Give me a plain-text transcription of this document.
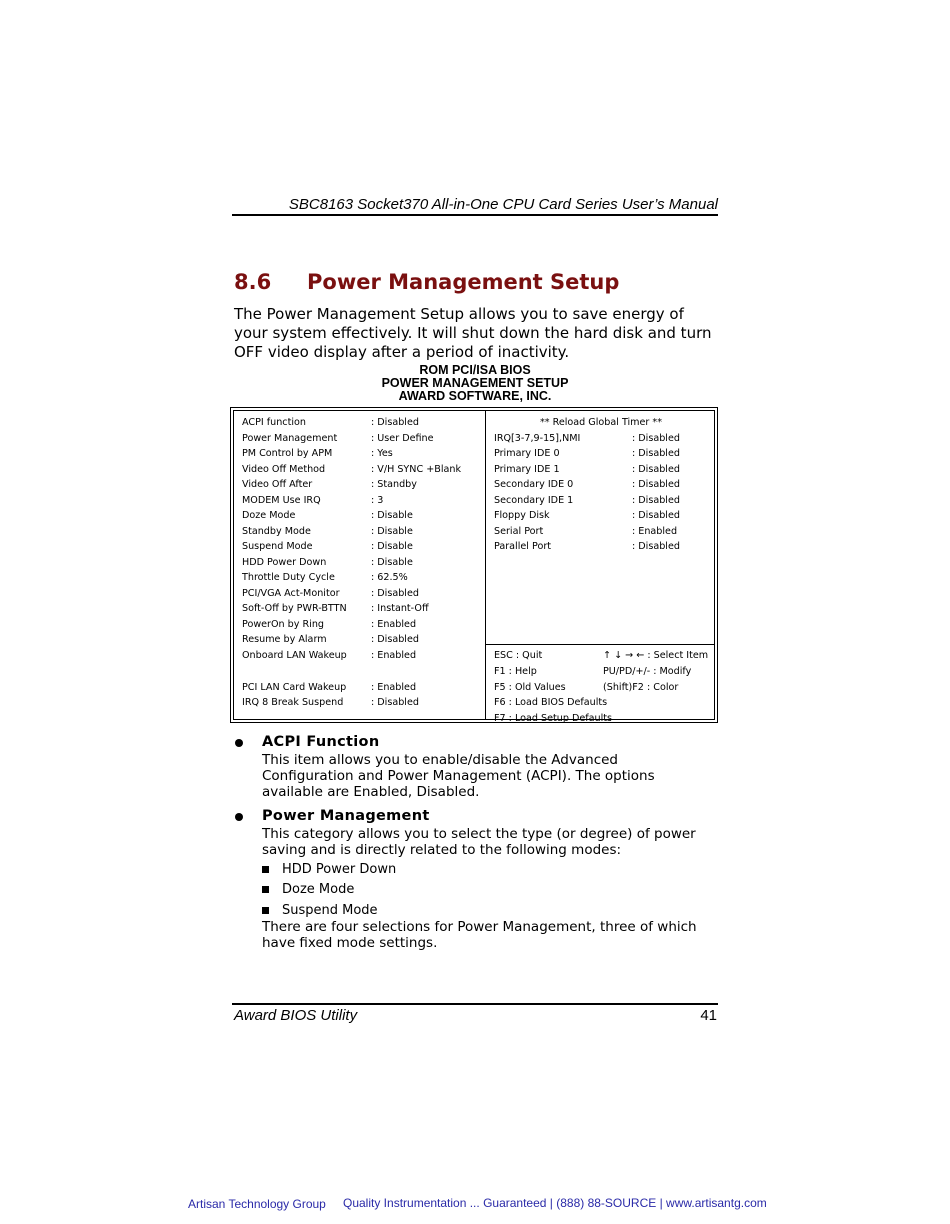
SBC8163 Socket370 All-in-One CPU Card Series User’s Manual
8.6 Power Management Setup
The Power Management Setup allows you to save energy of
your system effectively. It will shut down the hard disk and turn
OFF video display after a period of inactivity.
ROM PCI/ISA BIOS
POWER MANAGEMENT SETUP
AWARD SOFTWARE, INC.
ACPI function	: Disabled
Power Management	: User Define
PM Control by APM	: Yes
Video Off Method	: V/H SYNC +Blank
Video Off After	: Standby
MODEM Use IRQ	: 3
Doze Mode	: Disable
Standby Mode	: Disable
Suspend Mode	: Disable
HDD Power Down	: Disable
Throttle Duty Cycle	: 62.5%
PCI/VGA Act-Monitor	: Disabled
Soft-Off by PWR-BTTN	: Instant-Off
PowerOn by Ring	: Enabled
Resume by Alarm	: Disabled
Onboard LAN Wakeup	: Enabled
PCI LAN Card Wakeup	: Enabled
IRQ 8 Break Suspend	: Disabled
** Reload Global Timer **
IRQ[3-7,9-15],NMI	: Disabled
Primary IDE 0	: Disabled
Primary IDE 1	: Disabled
Secondary IDE 0	: Disabled
Secondary IDE 1	: Disabled
Floppy Disk	: Disabled
Serial Port	: Enabled
Parallel Port	: Disabled
ESC : Quit	↑ ↓ → ← : Select Item
F1 : Help	PU/PD/+/- : Modify
F5 : Old Values	(Shift)F2 : Color
F6 : Load BIOS Defaults
F7 : Load Setup Defaults
ACPI Function
This item allows you to enable/disable the Advanced
Configuration and Power Management (ACPI). The options
available are Enabled, Disabled.
Power Management
This category allows you to select the type (or degree) of power
saving and is directly related to the following modes:
HDD Power Down
Doze Mode
Suspend Mode
There are four selections for Power Management, three of which
have fixed mode settings.
Award BIOS Utility	41
Artisan Technology Group Quality Instrumentation ... Guaranteed | (888) 88-SOURCE | www.artisantg.com
